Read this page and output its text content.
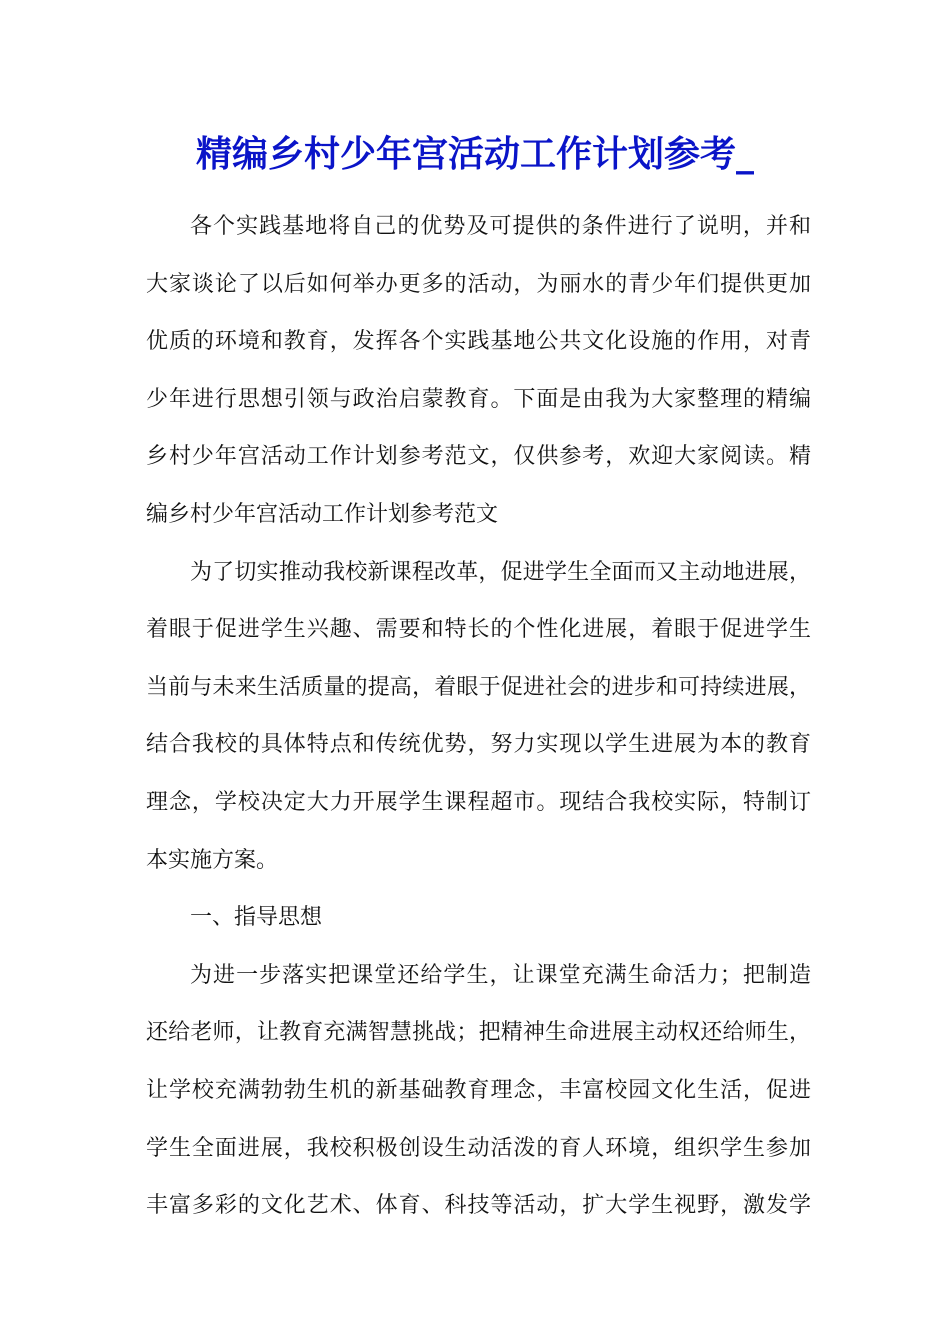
精编乡村少年宫活动工作计划参考_
各个实践基地将自己的优势及可提供的条件进行了说明，并和
大家谈论了以后如何举办更多的活动，为丽水的青少年们提供更加
优质的环境和教育，发挥各个实践基地公共文化设施的作用，对青
少年进行思想引领与政治启蒙教育。下面是由我为大家整理的精编
乡村少年宫活动工作计划参考范文，仅供参考，欢迎大家阅读。精
编乡村少年宫活动工作计划参考范文
为了切实推动我校新课程改革，促进学生全面而又主动地进展，
着眼于促进学生兴趣、需要和特长的个性化进展，着眼于促进学生
当前与未来生活质量的提高，着眼于促进社会的进步和可持续进展，
结合我校的具体特点和传统优势，努力实现以学生进展为本的教育
理念，学校决定大力开展学生课程超市。现结合我校实际，特制订
本实施方案。
一、指导思想
为进一步落实把课堂还给学生，让课堂充满生命活力；把制造
还给老师，让教育充满智慧挑战；把精神生命进展主动权还给师生，
让学校充满勃勃生机的新基础教育理念，丰富校园文化生活，促进
学生全面进展，我校积极创设生动活泼的育人环境，组织学生参加
丰富多彩的文化艺术、体育、科技等活动，扩大学生视野，激发学
